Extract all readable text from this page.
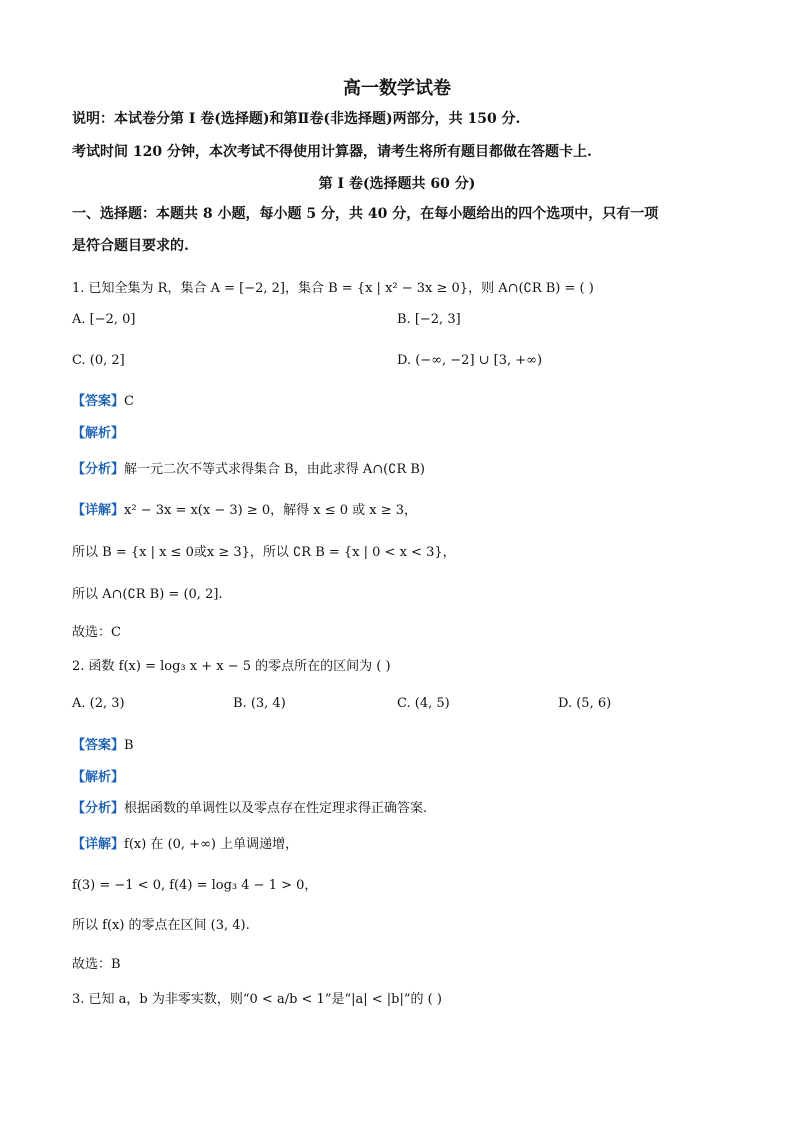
高一数学试卷
说明：本试卷分第 I 卷(选择题)和第Ⅱ卷(非选择题)两部分，共 150 分.
考试时间 120 分钟，本次考试不得使用计算器，请考生将所有题目都做在答题卡上.
第 I 卷(选择题共 60 分)
一、选择题：本题共 8 小题，每小题 5 分，共 40 分，在每小题给出的四个选项中，只有一项
是符合题目要求的.
1. 已知全集为 R，集合 A = [−2, 2]，集合 B = {x | x² − 3x ≥ 0}，则 A∩(∁R B) = ( )
A. [−2, 0]	B. [−2, 3]
C. (0, 2]	D. (−∞, −2] ∪ [3, +∞)
【答案】C
【解析】
【分析】解一元二次不等式求得集合 B，由此求得 A∩(∁R B)
【详解】x² − 3x = x(x − 3) ≥ 0，解得 x ≤ 0 或 x ≥ 3，
所以 B = {x | x ≤ 0或x ≥ 3}，所以 ∁R B = {x | 0 < x < 3}，
所以 A∩(∁R B) = (0, 2].
故选：C
2. 函数 f(x) = log₃ x + x − 5 的零点所在的区间为 ( )
A. (2, 3)	B. (3, 4)	C. (4, 5)	D. (5, 6)
【答案】B
【解析】
【分析】根据函数的单调性以及零点存在性定理求得正确答案.
【详解】f(x) 在 (0, +∞) 上单调递增，
f(3) = −1 < 0, f(4) = log₃ 4 − 1 > 0，
所以 f(x) 的零点在区间 (3, 4).
故选：B
3. 已知 a，b 为非零实数，则“0 < a/b < 1”是“|a| < |b|”的 ( )
